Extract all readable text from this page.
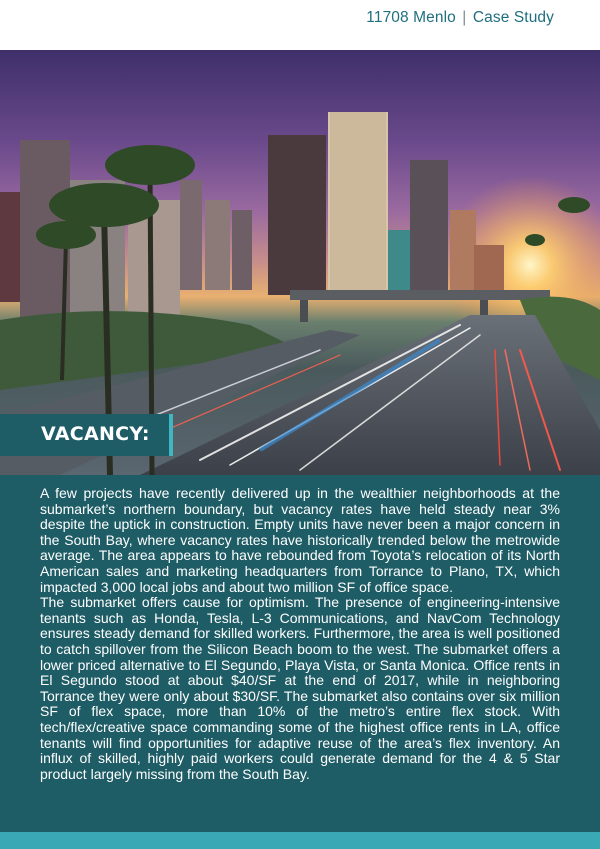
11708 Menlo | Case Study
VACANCY:

A few projects have recently delivered up in the wealthier neighborhoods at the submarket’s northern boundary, but vacancy rates have held steady near 3% despite the uptick in construction. Empty units have never been a major concern in the South Bay, where vacancy rates have historically trended below the metrowide average. The area appears to have rebounded from Toyota’s relocation of its North American sales and marketing headquarters from Torrance to Plano, TX, which impacted 3,000 local jobs and about two million SF of office space.

The submarket offers cause for optimism. The presence of engineering-intensive tenants such as Honda, Tesla, L-3 Communications, and NavCom Technology ensures steady demand for skilled workers. Furthermore, the area is well positioned to catch spillover from the Silicon Beach boom to the west. The submarket offers a lower priced alternative to El Segundo, Playa Vista, or Santa Monica. Office rents in El Segundo stood at about $40/SF at the end of 2017, while in neighboring Torrance they were only about $30/SF. The submarket also contains over six million SF of flex space, more than 10% of the metro’s entire flex stock. With tech/flex/creative space commanding some of the highest office rents in LA, office tenants will find opportunities for adaptive reuse of the area’s flex inventory. An influx of skilled, highly paid workers could generate demand for the 4 & 5 Star product largely missing from the South Bay.
